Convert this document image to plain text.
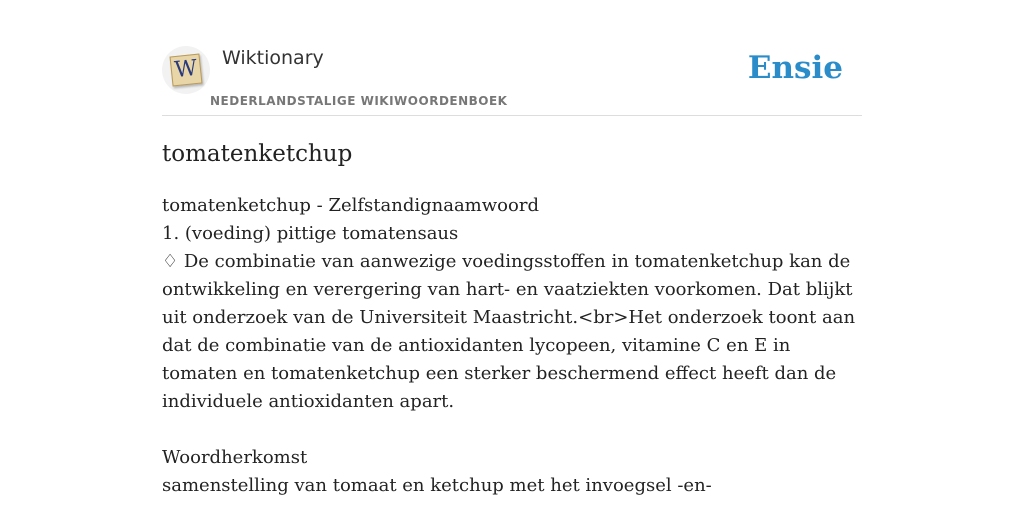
W Wiktionary
NEDERLANDSTALIGE WIKIWOORDENBOEK
Ensie
tomatenketchup

tomatenketchup - Zelfstandignaamwoord

1. (voeding) pittige tomatensaus

♢ De combinatie van aanwezige voedingsstoffen in tomatenketchup kan de ontwikkeling en verergering van hart- en vaatziekten voorkomen. Dat blijkt uit onderzoek van de Universiteit Maastricht.<br>Het onderzoek toont aan dat de combinatie van de antioxidanten lycopeen, vitamine C en E in tomaten en tomatenketchup een sterker beschermend effect heeft dan de individuele antioxidanten apart.

Woordherkomst

samenstelling van tomaat en ketchup met het invoegsel -en-
